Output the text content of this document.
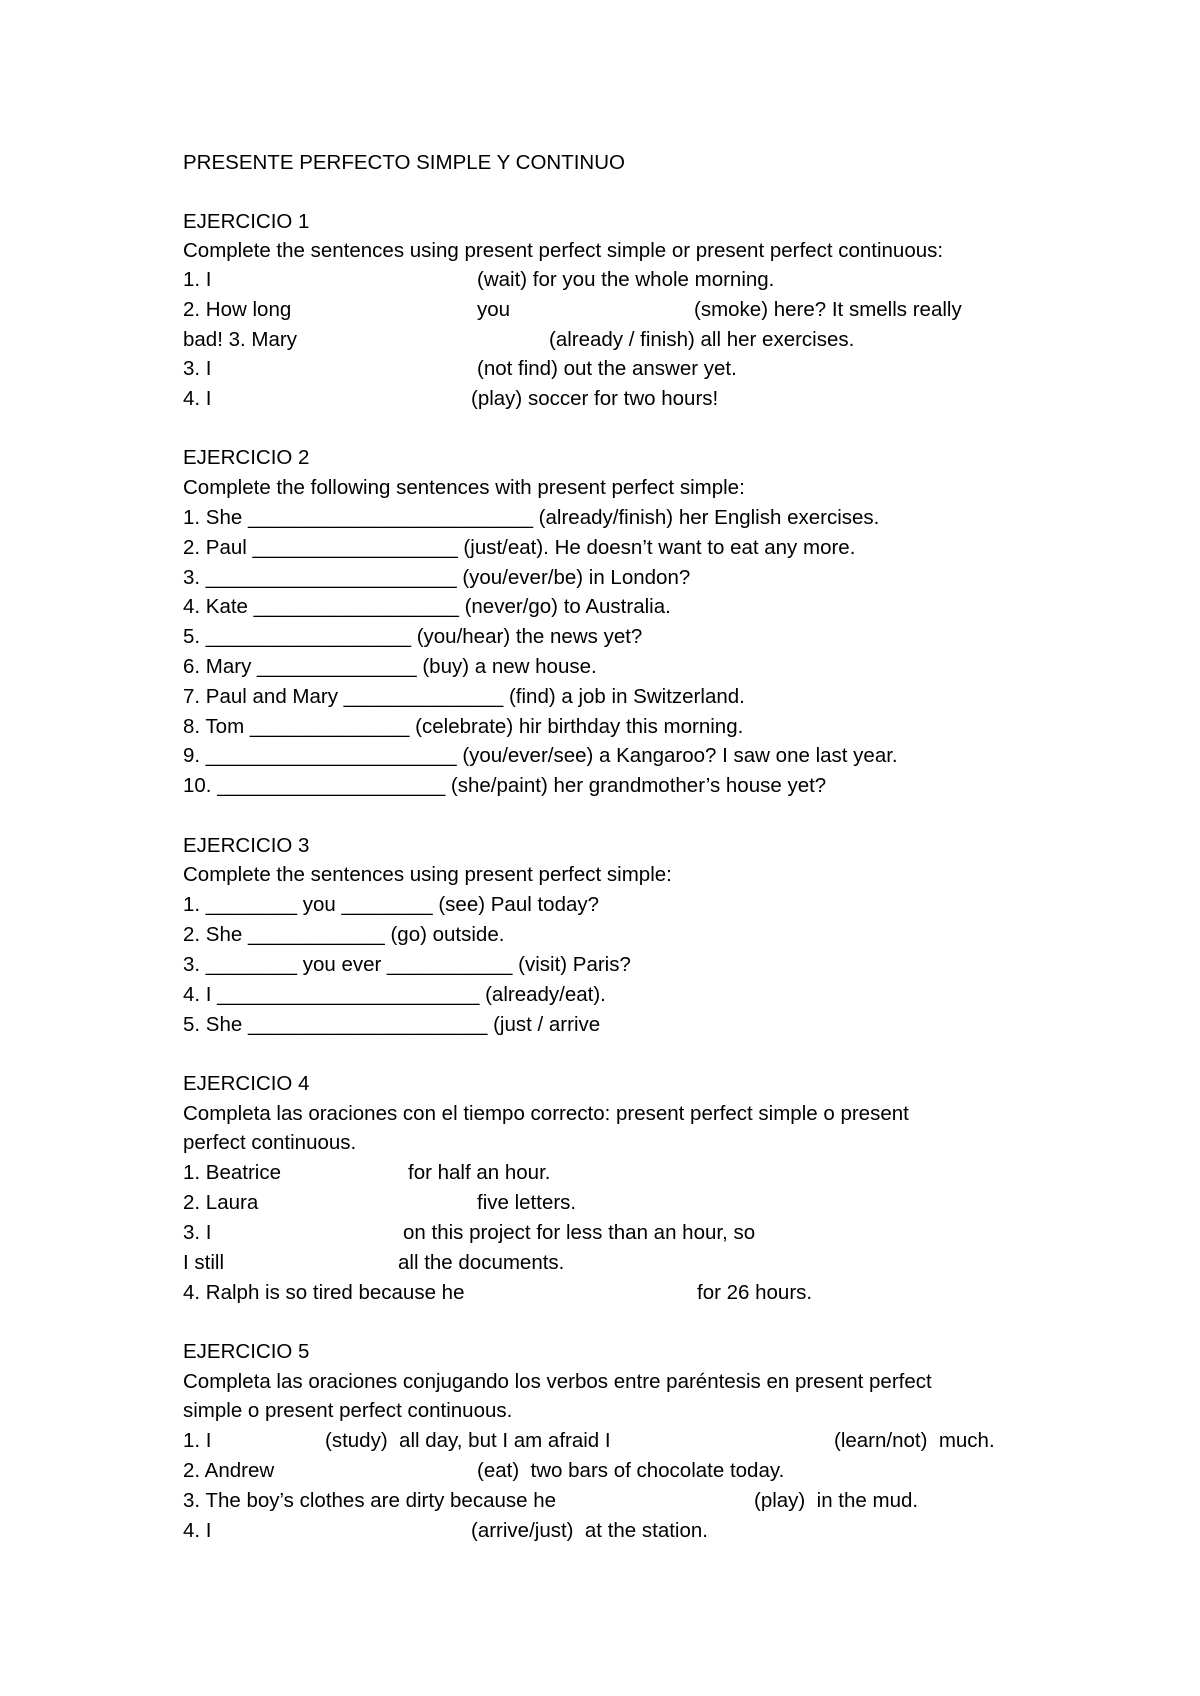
PRESENTE PERFECTO SIMPLE Y CONTINUO
EJERCICIO 1
Complete the sentences using present perfect simple or present perfect continuous:

1. I

	(wait) for you the whole morning.

2. How long

	you

	(smoke) here? It smells really

bad! 3. Mary

	(already / finish) all her exercises.

3. I

	(not find) out the answer yet.

4. I

	(play) soccer for two hours!

EJERCICIO 2
Complete the following sentences with present perfect simple:
1. She _________________________ (already/finish) her English exercises.
2. Paul __________________ (just/eat). He doesn’t want to eat any more.
3. ______________________ (you/ever/be) in London?
4. Kate __________________ (never/go) to Australia.
5. __________________ (you/hear) the news yet?
6. Mary ______________ (buy) a new house.
7. Paul and Mary ______________ (find) a job in Switzerland.
8. Tom ______________ (celebrate) hir birthday this morning.
9. ______________________ (you/ever/see) a Kangaroo? I saw one last year.
10. ____________________ (she/paint) her grandmother’s house yet?
EJERCICIO 3
Complete the sentences using present perfect simple:
1. ________ you ________ (see) Paul today?
2. She ____________ (go) outside.
3. ________ you ever ___________ (visit) Paris?
4. I _______________________ (already/eat).
5. She _____________________ (just / arrive
EJERCICIO 4
Completa las oraciones con el tiempo correcto: present perfect simple o present
perfect continuous.

1. Beatrice

	for half an hour.

2. Laura

	five letters.

3. I

	on this project for less than an hour, so

I still

	all the documents.

4. Ralph is so tired because he

	for 26 hours.

EJERCICIO 5
Completa las oraciones conjugando los verbos entre paréntesis en present perfect
simple o present perfect continuous.

1. I

	(study)  all day, but I am afraid I

	(learn/not)  much.

2. Andrew

	(eat)  two bars of chocolate today.

3. The boy’s clothes are dirty because he

	(play)  in the mud.

4. I

	(arrive/just)  at the station.
